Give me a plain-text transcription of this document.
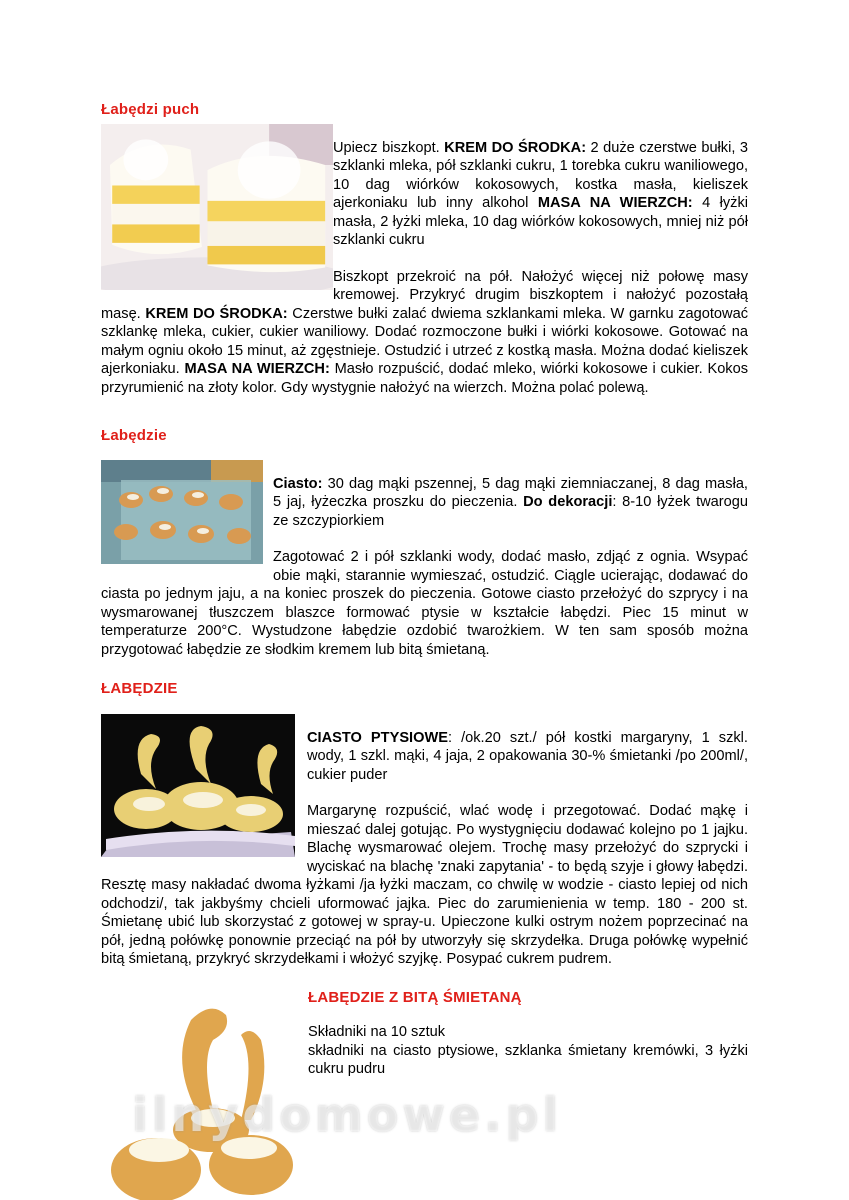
Łabędzi puch

Upiecz biszkopt. KREM DO ŚRODKA: 2 duże czerstwe bułki, 3 szklanki mleka, pół szklanki cukru, 1 torebka cukru waniliowego, 10 dag wiórków kokosowych, kostka masła, kieliszek ajerkoniaku lub inny alkohol MASA NA WIERZCH: 4 łyżki masła, 2 łyżki mleka, 10 dag wiórków kokosowych, mniej niż pół szklanki cukru

Biszkopt przekroić na pół. Nałożyć więcej niż połowę masy kremowej. Przykryć drugim biszkoptem i nałożyć pozostałą masę. KREM DO ŚRODKA: Czerstwe bułki zalać dwiema szklankami mleka. W garnku zagotować szklankę mleka, cukier, cukier waniliowy. Dodać rozmoczone bułki i wiórki kokosowe. Gotować na małym ogniu około 15 minut, aż zgęstnieje. Ostudzić i utrzeć z kostką masła. Można dodać kieliszek ajerkoniaku. MASA NA WIERZCH: Masło rozpuścić, dodać mleko, wiórki kokosowe i cukier. Kokos przyrumienić na złoty kolor. Gdy wystygnie nałożyć na wierzch. Można polać polewą.

Łabędzie

Ciasto: 30 dag mąki pszennej, 5 dag mąki ziemniaczanej, 8 dag masła, 5 jaj, łyżeczka proszku do pieczenia. Do dekoracji: 8-10 łyżek twarogu ze szczypiorkiem

Zagotować 2 i pół szklanki wody, dodać masło, zdjąć z ognia. Wsypać obie mąki, starannie wymieszać, ostudzić. Ciągle ucierając, dodawać do ciasta po jednym jaju, a na koniec proszek do pieczenia. Gotowe ciasto przełożyć do szprycy i na wysmarowanej tłuszczem blaszce formować ptysie w kształcie łabędzi. Piec 15 minut w temperaturze 200°C. Wystudzone łabędzie ozdobić twarożkiem. W ten sam sposób można przygotować łabędzie ze słodkim kremem lub bitą śmietaną.

ŁABĘDZIE

CIASTO PTYSIOWE: /ok.20 szt./ pół kostki margaryny, 1 szkl. wody, 1 szkl. mąki, 4 jaja, 2 opakowania 30-% śmietanki /po 200ml/, cukier puder

Margarynę rozpuścić, wlać wodę i przegotować. Dodać mąkę i mieszać dalej gotując. Po wystygnięciu dodawać kolejno po 1 jajku. Blachę wysmarować olejem. Trochę masy przełożyć do szprycki i wyciskać na blachę 'znaki zapytania' - to będą szyje i głowy łabędzi. Resztę masy nakładać dwoma łyżkami /ja łyżki maczam, co chwilę w wodzie - ciasto lepiej od nich odchodzi/, tak jakbyśmy chcieli uformować jajka. Piec do zarumienienia w temp. 180 - 200 st. Śmietanę ubić lub skorzystać z gotowej w spray-u. Upieczone kulki ostrym nożem poprzecinać na pół, jedną połówkę ponownie przeciąć na pół by utworzyły się skrzydełka. Druga połówkę wypełnić bitą śmietaną, przykryć skrzydełkami i włożyć szyjkę. Posypać cukrem pudrem.

ŁABĘDZIE Z BITĄ ŚMIETANĄ

Składniki na 10 sztuk
składniki na ciasto ptysiowe, szklanka śmietany kremówki, 3 łyżki cukru pudru

ilnydomowe.pl
